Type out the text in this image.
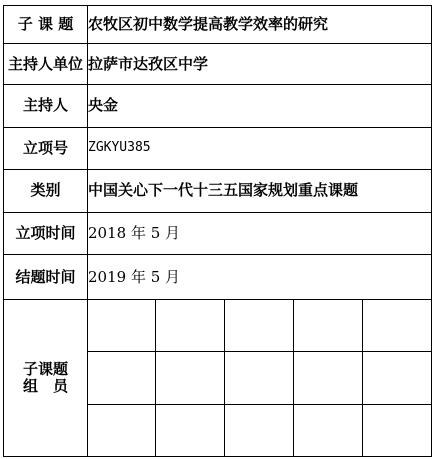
子 课 题	农牧区初中数学提高教学效率的研究				
主持人单位	拉萨市达孜区中学				
主持人	央金				
立项号	ZGKYU385				
类别	中国关心下一代十三五国家规划重点课题				
立项时间	2018 年 5 月				
结题时间	2019 年 5 月				

子课题
组　员					
